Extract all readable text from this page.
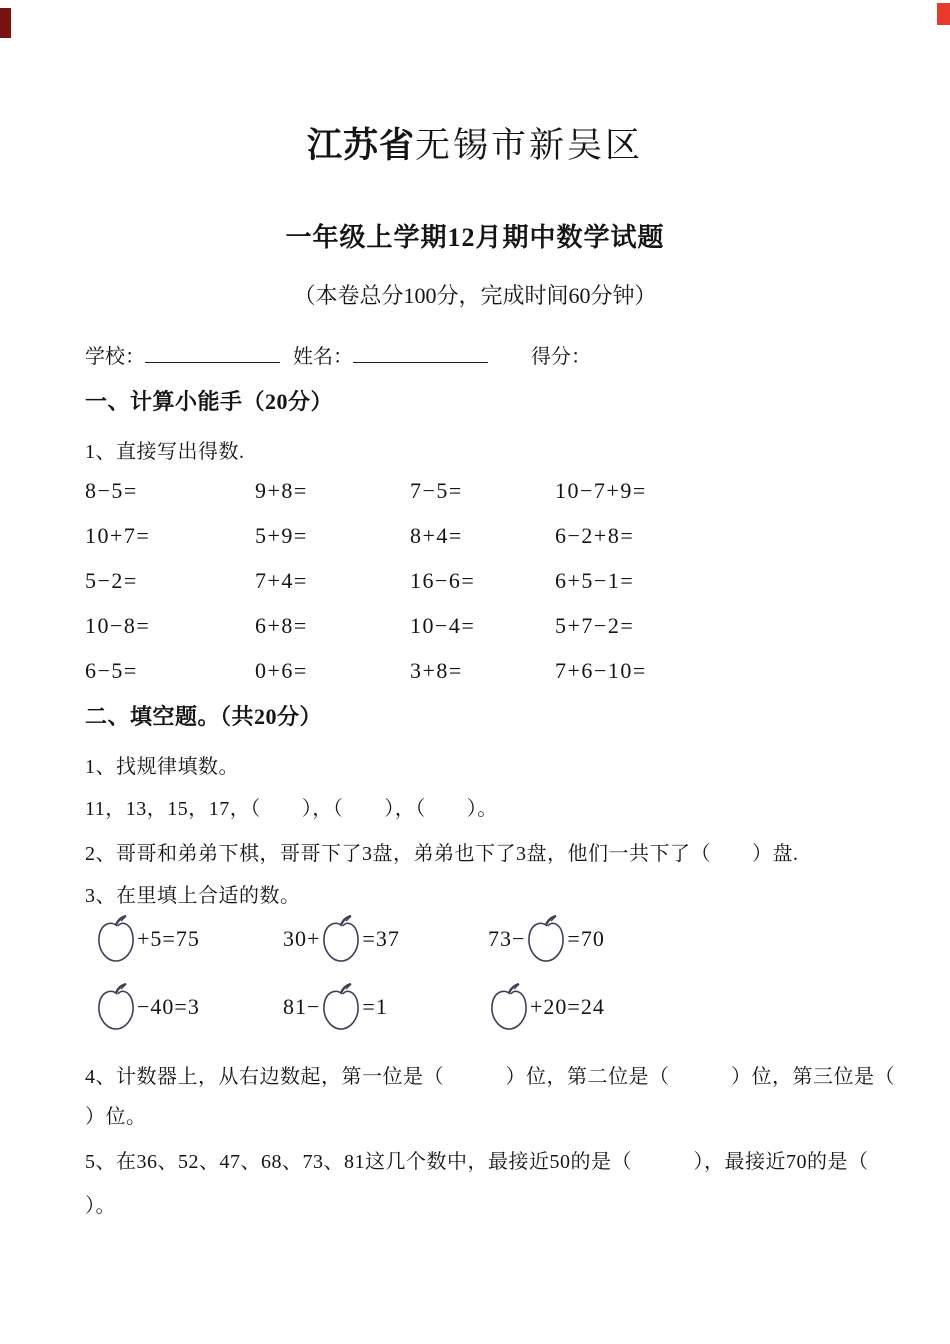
江苏省无锡市新吴区
一年级上学期12月期中数学试题
（本卷总分100分，完成时间60分钟）
学校：	姓名：	得分：
一、计算小能手（20分）
1、直接写出得数.
8−5=	9+8=	7−5=	10−7+9=
10+7=	5+9=	8+4=	6−2+8=
5−2=	7+4=	16−6=	6+5−1=
10−8=	6+8=	10−4=	5+7−2=
6−5=	0+6=	3+8=	7+6−10=
二、填空题。（共20分）
1、找规律填数。
11，13，15，17，（　　），（　　），（　　）。
2、哥哥和弟弟下棋，哥哥下了3盘，弟弟也下了3盘，他们一共下了（　　）盘.
3、在里填上合适的数。
+5=75	30+ =37	73− =70
−40=3	81− =1	+20=24
4、计数器上，从右边数起，第一位是（　　　）位，第二位是（　　　）位，第三位是（
）位。
5、在36、52、47、68、73、81这几个数中，最接近50的是（　　　），最接近70的是（
）。
